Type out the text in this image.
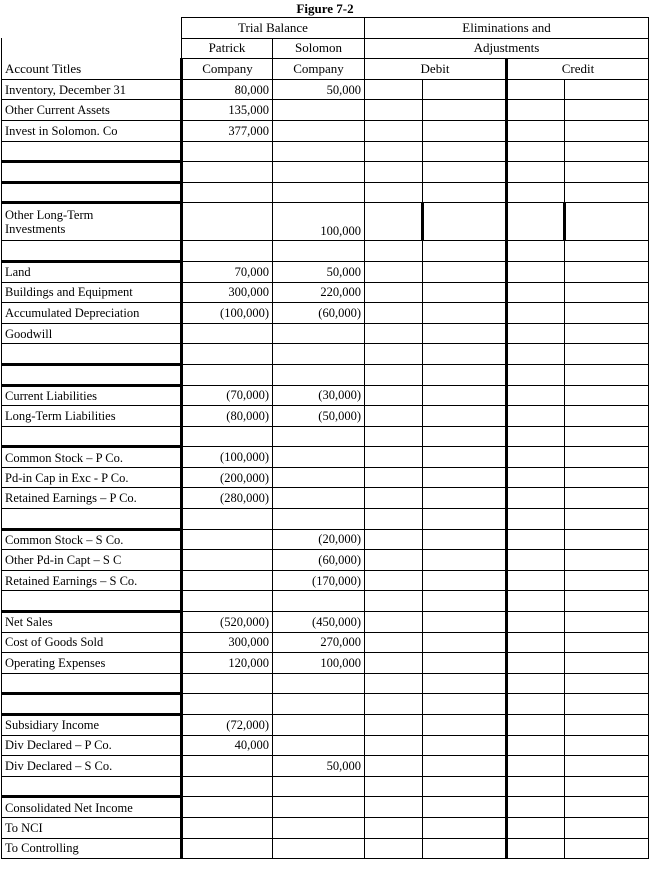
Figure 7-2
	Trial Balance		Eliminations and			
	Patrick	Solomon	Adjustments			
Account Titles	Company	Company	Debit		Credit	
Inventory, December 31	80,000	50,000				
Other Current Assets	135,000					
Invest in Solomon. Co	377,000					

Other Long-Term
Investments		100,000				

Land	70,000	50,000				
Buildings and Equipment	300,000	220,000				
Accumulated Depreciation	(100,000)	(60,000)				
Goodwill						

Current Liabilities	(70,000)	(30,000)				
Long-Term Liabilities	(80,000)	(50,000)				

Common Stock – P Co.	(100,000)					
Pd-in Cap in Exc - P Co.	(200,000)					
Retained Earnings – P Co.	(280,000)					

Common Stock – S Co.		(20,000)				
Other Pd-in Capt – S C		(60,000)				
Retained Earnings – S Co.		(170,000)				

Net Sales	(520,000)	(450,000)				
Cost of Goods Sold	300,000	270,000				
Operating Expenses	120,000	100,000				

Subsidiary Income	(72,000)					
Div Declared – P Co.	40,000					
Div Declared – S Co.		50,000				

Consolidated Net Income						
To NCI						
To Controlling						
